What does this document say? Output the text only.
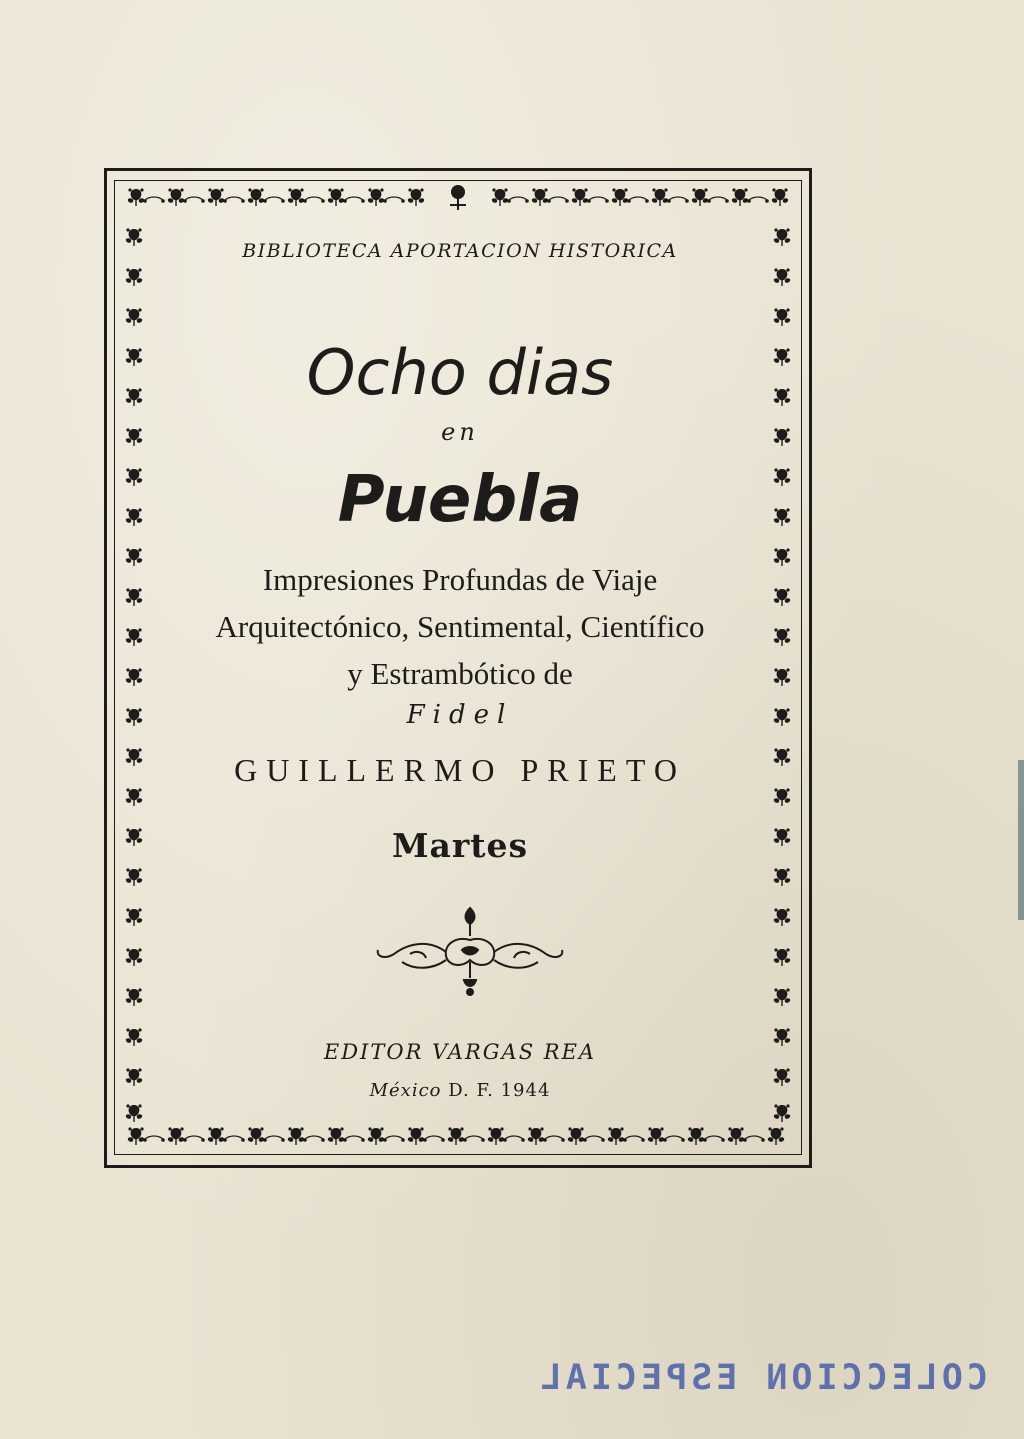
BIBLIOTECA APORTACION HISTORICA

Ocho dias

en

Puebla
Impresiones Profundas de Viaje
Arquitectónico, Sentimental, Científico
y Estrambótico de

Fidel

GUILLERMO PRIETO

Martes

EDITOR VARGAS REA

México D. F. 1944

COLECCION ESPECIAL
